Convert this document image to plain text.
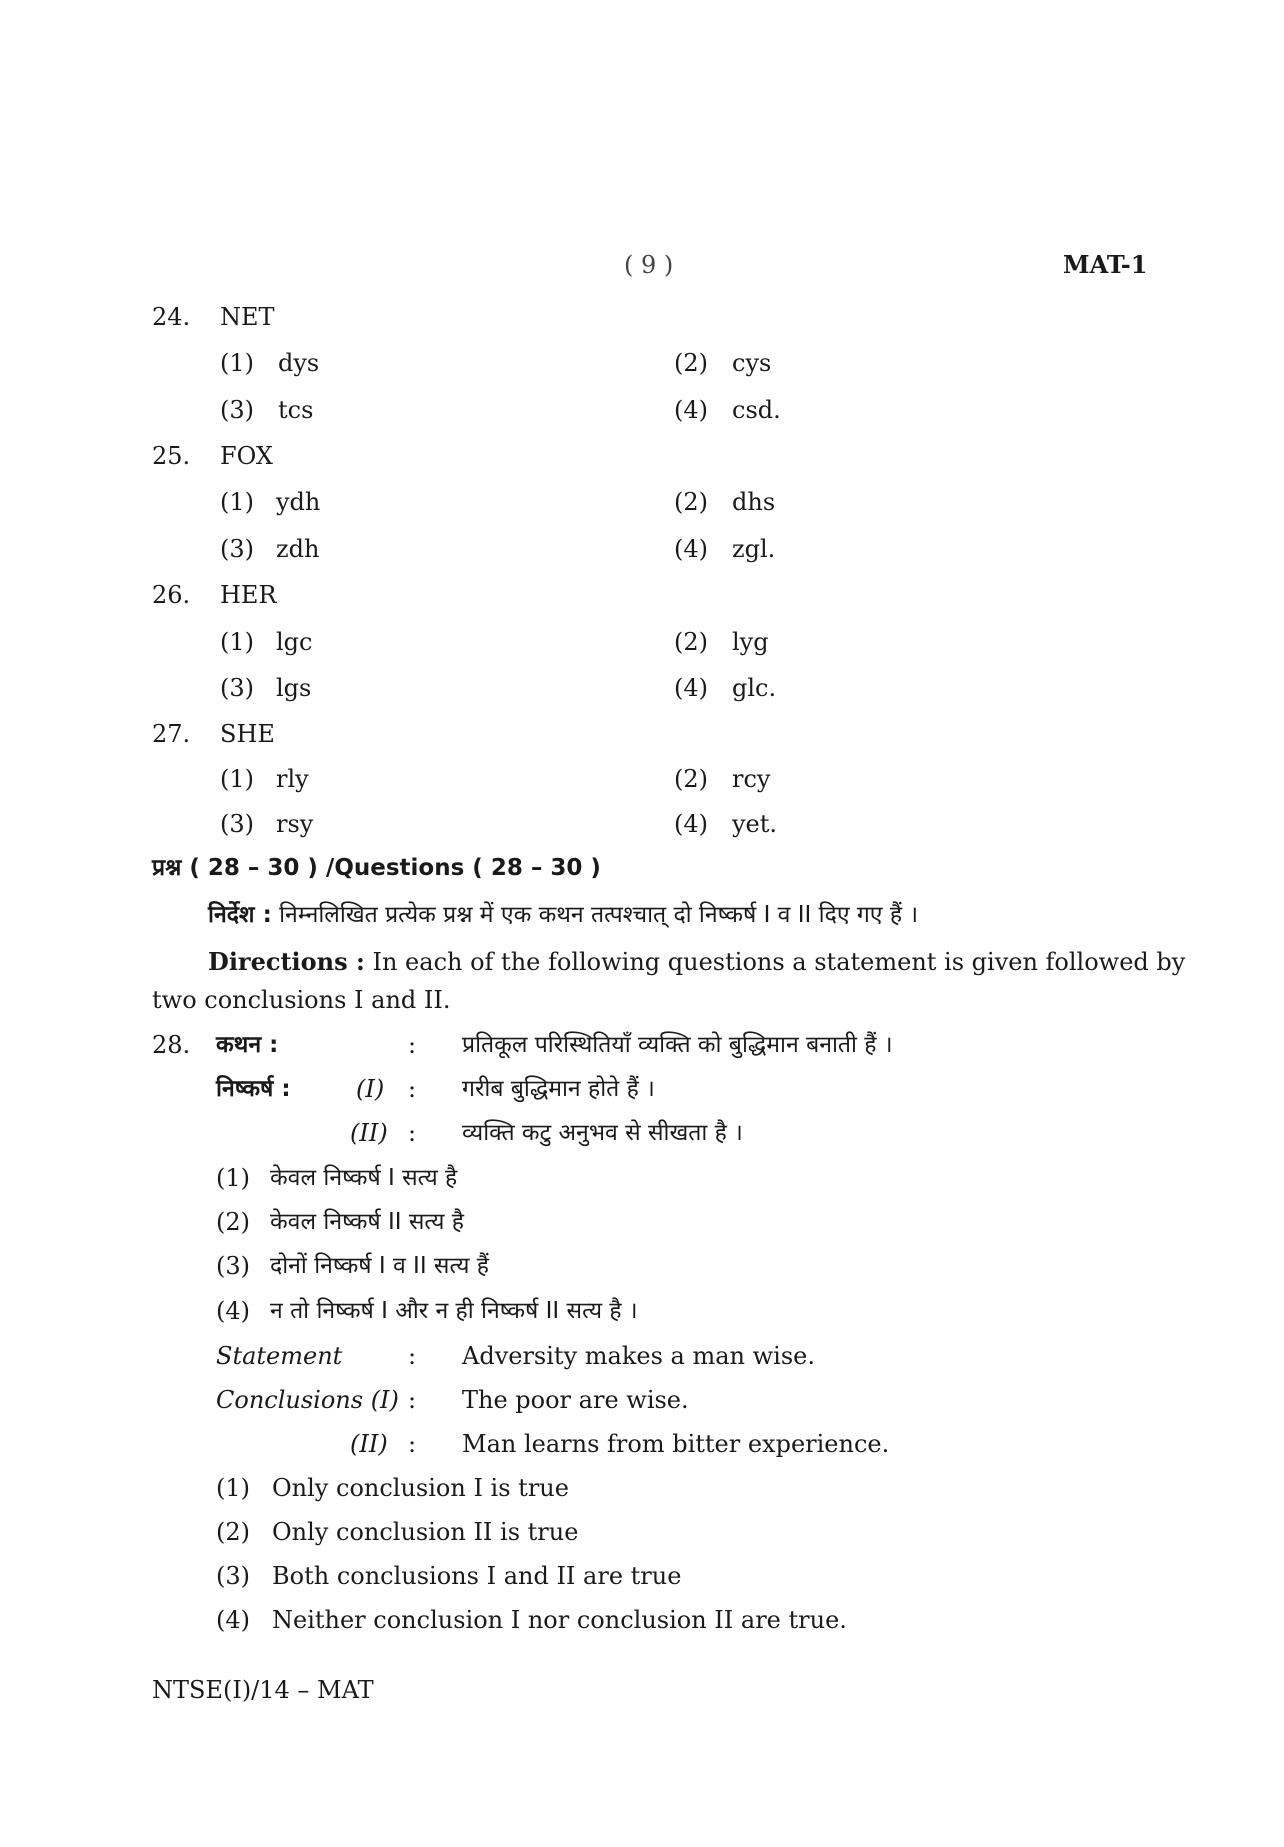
( 9 )	MAT-1
24. NET
(1) dys	(2) cys
(3) tcs	(4) csd.
25. FOX
(1) ydh	(2) dhs
(3) zdh	(4) zgl.
26. HER
(1) lgc	(2) lyg
(3) lgs	(4) glc.
27. SHE
(1) rly	(2) rcy
(3) rsy	(4) yet.
प्रश्न ( 28 – 30 ) /Questions ( 28 – 30 )
निर्देश : निम्नलिखित प्रत्येक प्रश्न में एक कथन तत्पश्चात् दो निष्कर्ष I व II दिए गए हैं ।
Directions : In each of the following questions a statement is given followed by
two conclusions I and II.
28. कथन :	: प्रतिकूल परिस्थितियाँ व्यक्ति को बुद्धिमान बनाती हैं ।
निष्कर्ष :	(I) : गरीब बुद्धिमान होते हैं ।
(II) : व्यक्ति कटु अनुभव से सीखता है ।
(1) केवल निष्कर्ष I सत्य है
(2) केवल निष्कर्ष II सत्य है
(3) दोनों निष्कर्ष I व II सत्य हैं
(4) न तो निष्कर्ष I और न ही निष्कर्ष II सत्य है ।
Statement	: Adversity makes a man wise.
Conclusions (I) : The poor are wise.
(II) : Man learns from bitter experience.
(1) Only conclusion I is true
(2) Only conclusion II is true
(3) Both conclusions I and II are true
(4) Neither conclusion I nor conclusion II are true.
NTSE(I)/14 – MAT
